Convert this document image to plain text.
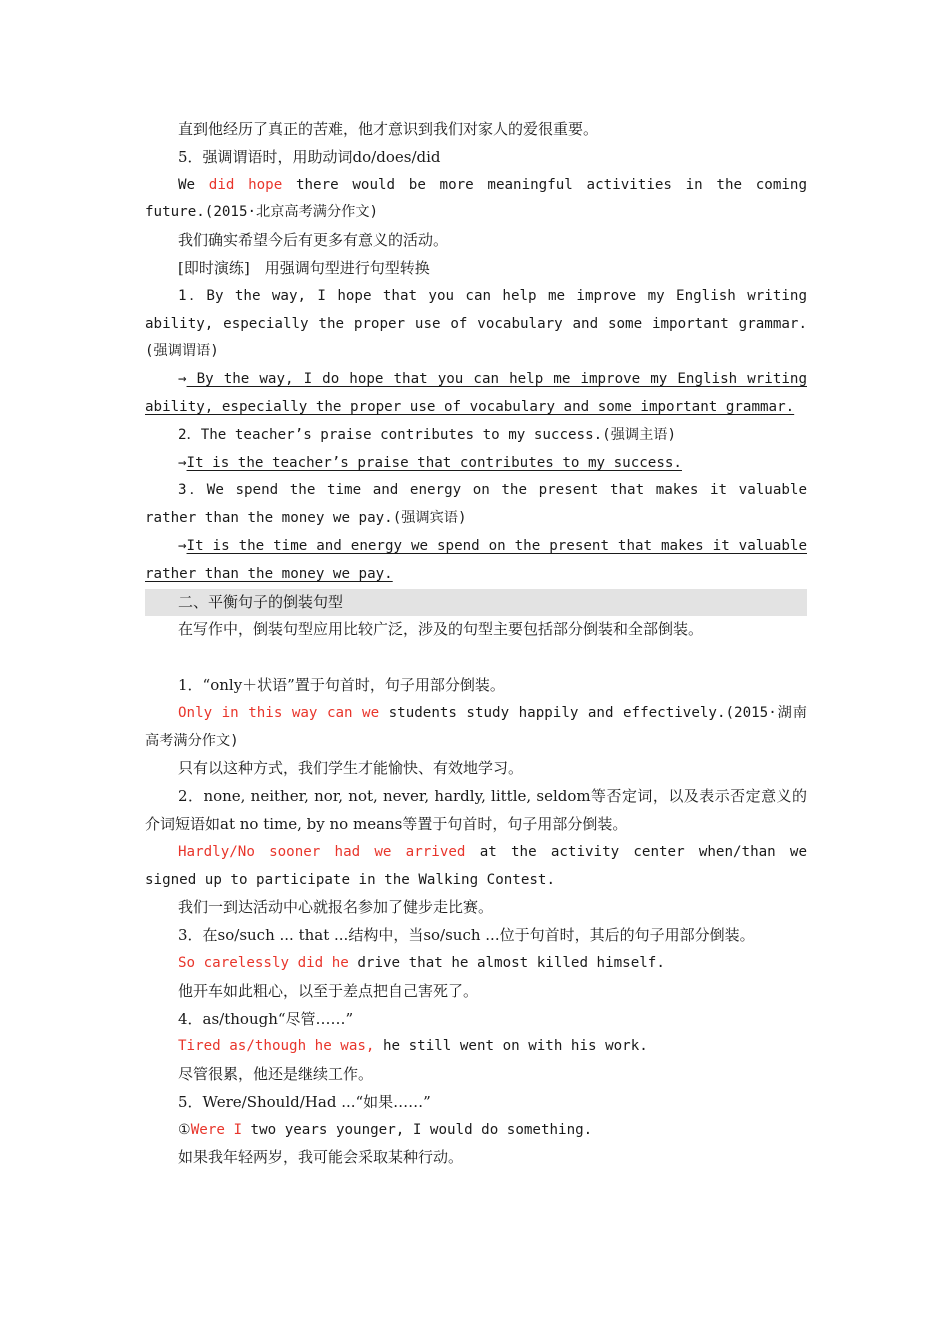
直到他经历了真正的苦难，他才意识到我们对家人的爱很重要。

5．强调谓语时，用助动词do/does/did

We did hope there would be more meaningful activities in the coming future.(2015·北京高考满分作文)

我们确实希望今后有更多有意义的活动。

[即时演练]　用强调句型进行句型转换

1．By the way, I hope that you can help me improve my English writing ability, especially the proper use of vocabulary and some important grammar.(强调谓语)

→ By the way, I do hope that you can help me improve my English writing ability, especially the proper use of vocabulary and some important grammar.

2．The teacher’s praise contributes to my success.(强调主语)

→It is the teacher’s praise that contributes to my success.

3．We spend the time and energy on the present that makes it valuable rather than the money we pay.(强调宾语)

→It is the time and energy we spend on the present that makes it valuable rather than the money we pay.

二、平衡句子的倒装句型

在写作中，倒装句型应用比较广泛，涉及的句型主要包括部分倒装和全部倒装。

1．“only＋状语”置于句首时，句子用部分倒装。

Only in this way can we students study happily and effectively.(2015·湖南高考满分作文)

只有以这种方式，我们学生才能愉快、有效地学习。

2．none, neither, nor, not, never, hardly, little, seldom等否定词，以及表示否定意义的介词短语如at no time, by no means等置于句首时，句子用部分倒装。

Hardly/No sooner had we arrived at the activity center when/than we signed up to participate in the Walking Contest.

我们一到达活动中心就报名参加了健步走比赛。

3．在so/such ... that ...结构中，当so/such ...位于句首时，其后的句子用部分倒装。

So carelessly did he drive that he almost killed himself.

他开车如此粗心，以至于差点把自己害死了。

4．as/though“尽管……”

Tired as/though he was, he still went on with his work.

尽管很累，他还是继续工作。

5．Were/Should/Had ...“如果……”

①Were I two years younger, I would do something.

如果我年轻两岁，我可能会采取某种行动。
